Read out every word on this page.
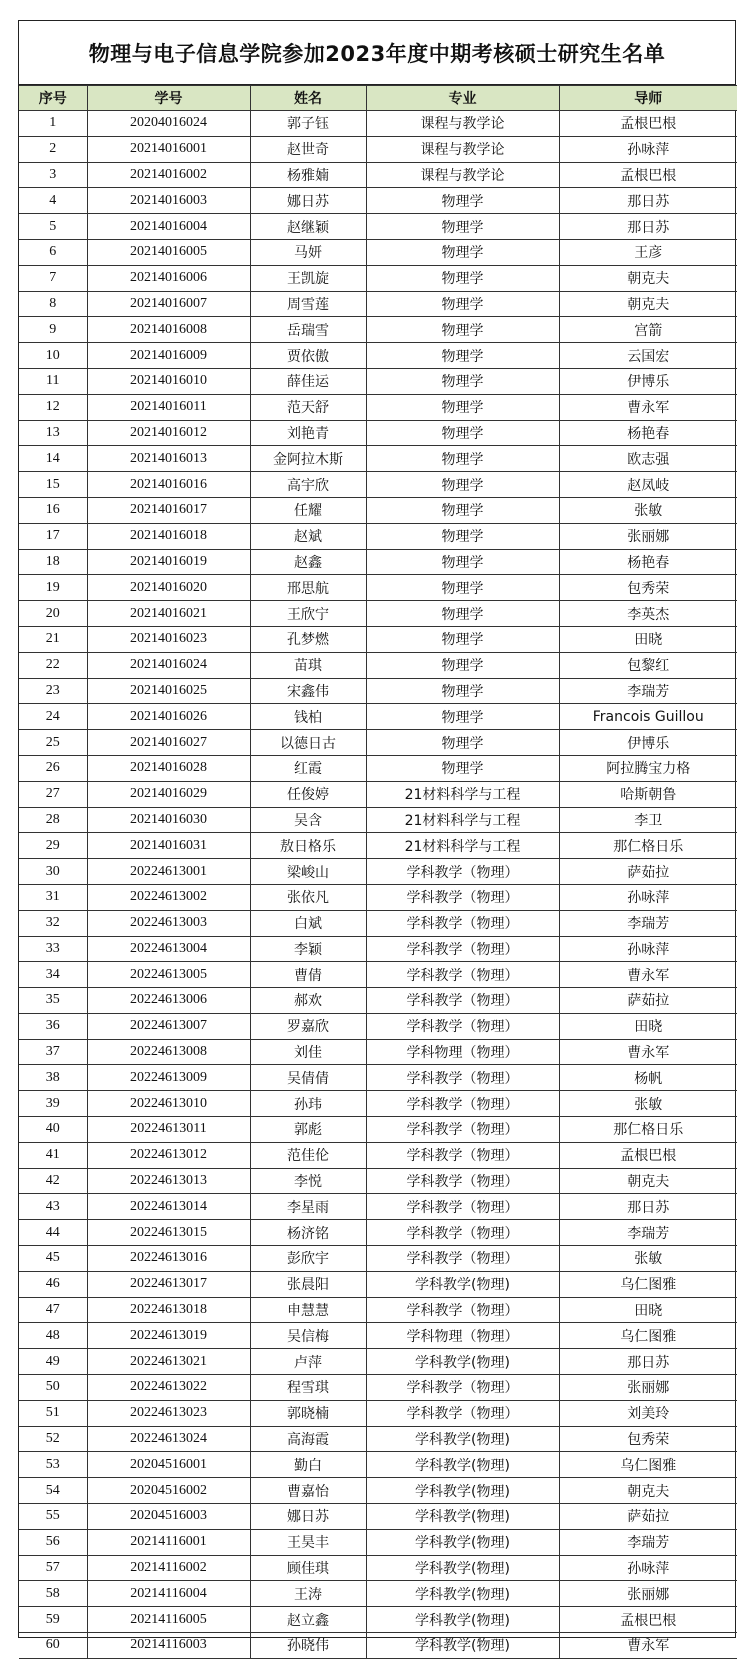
物理与电子信息学院参加2023年度中期考核硕士研究生名单
序号	学号	姓名	专业	导师
1	20204016024	郭子钰	课程与教学论	孟根巴根
2	20214016001	赵世奇	课程与教学论	孙咏萍
3	20214016002	杨雅婻	课程与教学论	孟根巴根
4	20214016003	娜日苏	物理学	那日苏
5	20214016004	赵继颖	物理学	那日苏
6	20214016005	马妍	物理学	王彦
7	20214016006	王凯旋	物理学	朝克夫
8	20214016007	周雪莲	物理学	朝克夫
9	20214016008	岳瑞雪	物理学	宫箭
10	20214016009	贾依傲	物理学	云国宏
11	20214016010	薛佳运	物理学	伊博乐
12	20214016011	范天舒	物理学	曹永军
13	20214016012	刘艳青	物理学	杨艳春
14	20214016013	金阿拉木斯	物理学	欧志强
15	20214016016	高宇欣	物理学	赵凤岐
16	20214016017	任耀	物理学	张敏
17	20214016018	赵斌	物理学	张丽娜
18	20214016019	赵鑫	物理学	杨艳春
19	20214016020	邢思航	物理学	包秀荣
20	20214016021	王欣宁	物理学	李英杰
21	20214016023	孔梦燃	物理学	田晓
22	20214016024	苗琪	物理学	包黎红
23	20214016025	宋鑫伟	物理学	李瑞芳
24	20214016026	钱柏	物理学	Francois Guillou
25	20214016027	以德日古	物理学	伊博乐
26	20214016028	红霞	物理学	阿拉腾宝力格
27	20214016029	任俊婷	21材料科学与工程	哈斯朝鲁
28	20214016030	吴含	21材料科学与工程	李卫
29	20214016031	敖日格乐	21材料科学与工程	那仁格日乐
30	20224613001	梁峻山	学科教学（物理）	萨茹拉
31	20224613002	张依凡	学科教学（物理）	孙咏萍
32	20224613003	白斌	学科教学（物理）	李瑞芳
33	20224613004	李颖	学科教学（物理）	孙咏萍
34	20224613005	曹倩	学科教学（物理）	曹永军
35	20224613006	郝欢	学科教学（物理）	萨茹拉
36	20224613007	罗嘉欣	学科教学（物理）	田晓
37	20224613008	刘佳	学科物理（物理）	曹永军
38	20224613009	吴倩倩	学科教学（物理）	杨帆
39	20224613010	孙玮	学科教学（物理）	张敏
40	20224613011	郭彪	学科教学（物理）	那仁格日乐
41	20224613012	范佳伦	学科教学（物理）	孟根巴根
42	20224613013	李悦	学科教学（物理）	朝克夫
43	20224613014	李星雨	学科教学（物理）	那日苏
44	20224613015	杨济铭	学科教学（物理）	李瑞芳
45	20224613016	彭欣宇	学科教学（物理）	张敏
46	20224613017	张晨阳	学科教学(物理)	乌仁图雅
47	20224613018	申慧慧	学科教学（物理）	田晓
48	20224613019	吴信梅	学科物理（物理）	乌仁图雅
49	20224613021	卢萍	学科教学(物理)	那日苏
50	20224613022	程雪琪	学科教学（物理）	张丽娜
51	20224613023	郭晓楠	学科教学（物理）	刘美玲
52	20224613024	高海霞	学科教学(物理)	包秀荣
53	20204516001	勤白	学科教学(物理)	乌仁图雅
54	20204516002	曹嘉怡	学科教学(物理)	朝克夫
55	20204516003	娜日苏	学科教学(物理)	萨茹拉
56	20214116001	王昊丰	学科教学(物理)	李瑞芳
57	20214116002	顾佳琪	学科教学(物理)	孙咏萍
58	20214116004	王涛	学科教学(物理)	张丽娜
59	20214116005	赵立鑫	学科教学(物理)	孟根巴根
60	20214116003	孙晓伟	学科教学(物理)	曹永军
